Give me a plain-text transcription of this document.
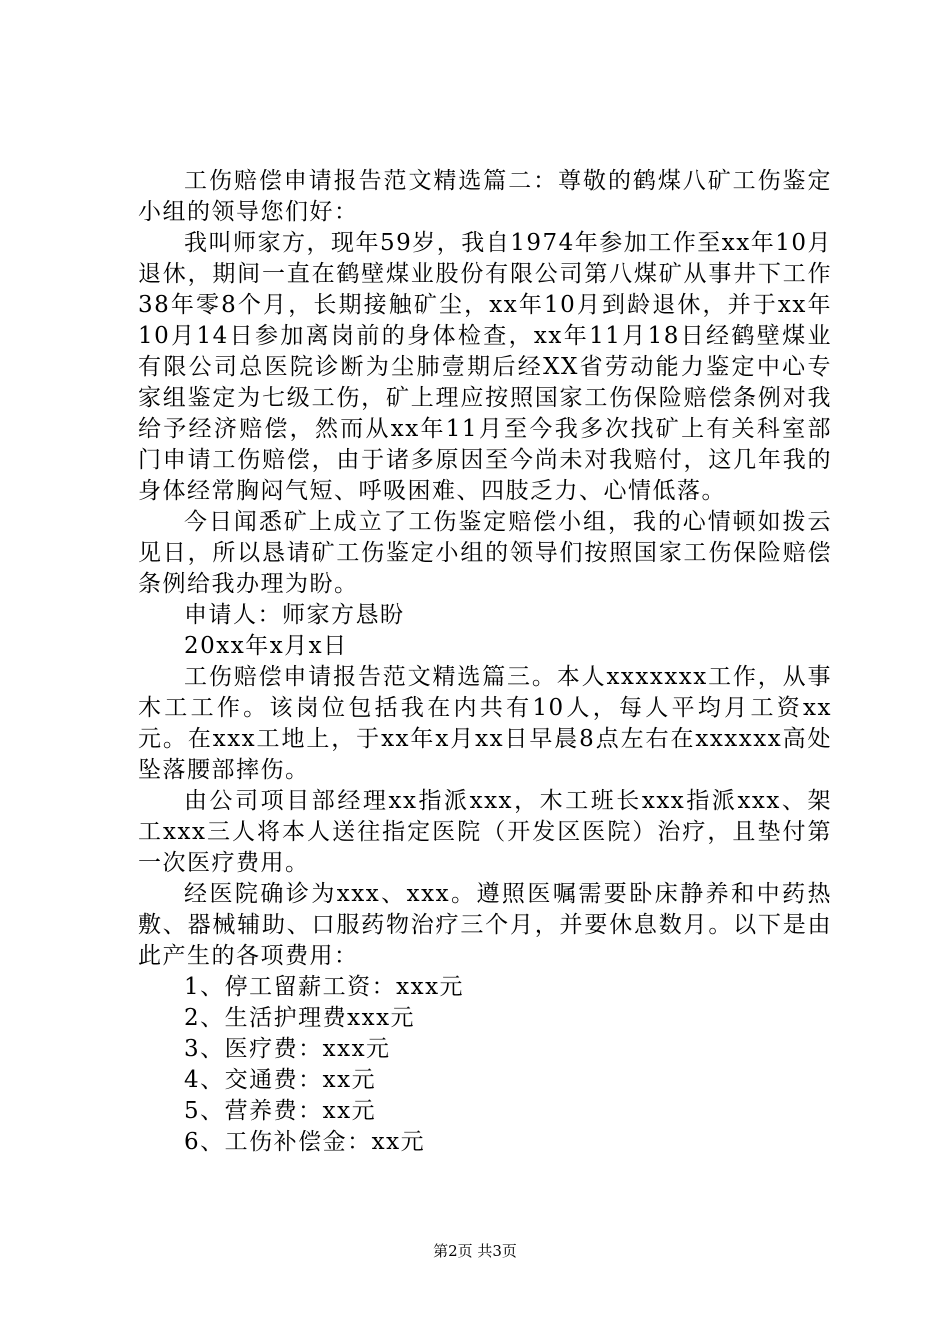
工伤赔偿申请报告范文精选篇二：尊敬的鹤煤八矿工伤鉴定小组的领导您们好：

我叫师家方，现年59岁，我自1974年参加工作至xx年10月退休，期间一直在鹤壁煤业股份有限公司第八煤矿从事井下工作38年零8个月，长期接触矿尘，xx年10月到龄退休，并于xx年10月14日参加离岗前的身体检查，xx年11月18日经鹤壁煤业有限公司总医院诊断为尘肺壹期后经XX省劳动能力鉴定中心专家组鉴定为七级工伤，矿上理应按照国家工伤保险赔偿条例对我给予经济赔偿，然而从xx年11月至今我多次找矿上有关科室部门申请工伤赔偿，由于诸多原因至今尚未对我赔付，这几年我的身体经常胸闷气短、呼吸困难、四肢乏力、心情低落。

今日闻悉矿上成立了工伤鉴定赔偿小组，我的心情顿如拨云见日，所以恳请矿工伤鉴定小组的领导们按照国家工伤保险赔偿条例给我办理为盼。

申请人：师家方恳盼

20xx年x月x日

工伤赔偿申请报告范文精选篇三。本人xxxxxxx工作，从事木工工作。该岗位包括我在内共有10人，每人平均月工资xx元。在xxx工地上，于xx年x月xx日早晨8点左右在xxxxxx高处坠落腰部摔伤。

由公司项目部经理xx指派xxx，木工班长xxx指派xxx、架工xxx三人将本人送往指定医院（开发区医院）治疗，且垫付第一次医疗费用。

经医院确诊为xxx、xxx。遵照医嘱需要卧床静养和中药热敷、器械辅助、口服药物治疗三个月，并要休息数月。以下是由此产生的各项费用：

1、停工留薪工资：xxx元

2、生活护理费xxx元

3、医疗费：xxx元

4、交通费：xx元

5、营养费：xx元

6、工伤补偿金：xx元

第2页 共3页
